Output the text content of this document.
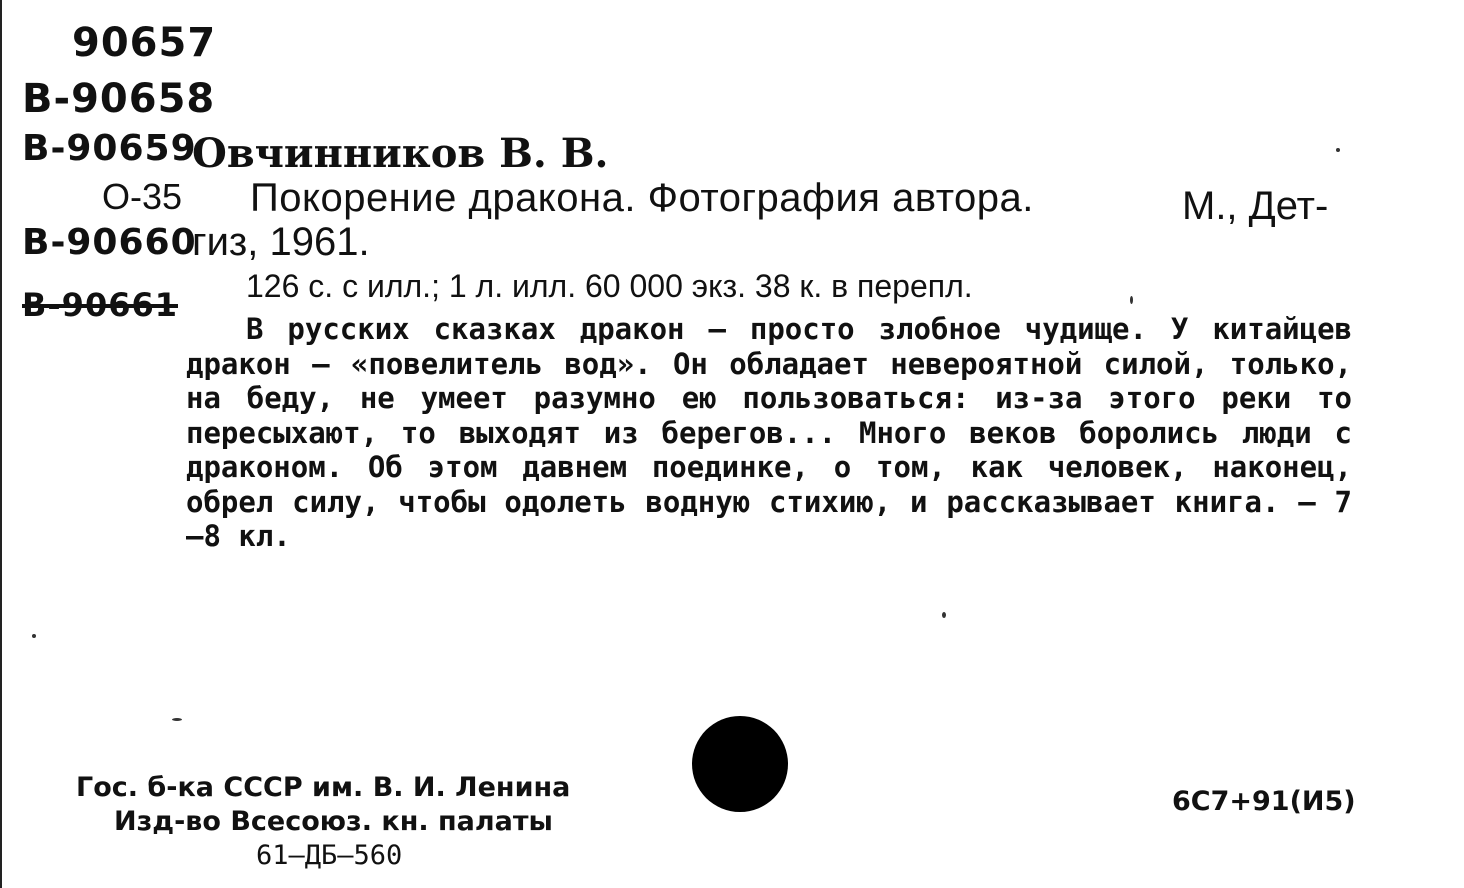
90657
В-90658
В-90659
Овчинников В. В.
О-35 Покорение дракона. Фотография автора.	М., Дет-
В-90660
гиз, 1961.
В-90661 126 с. с илл.; 1 л. илл. 60 000 экз. 38 к. в перепл.
В русских сказках дракон — просто злобное чудище. У китайцев дракон — «повелитель вод». Он обладает невероятной силой, только, на беду, не умеет разумно ею пользоваться: из-за этого реки то пересыхают, то выходят из берегов... Много веков боролись люди с драконом. Об этом давнем поединке, о том, как человек, наконец, обрел силу, чтобы одолеть водную стихию, и рассказывает книга. — 7—8 кл.
Гос. б-ка СССР им. В. И. Ленина
Изд-во Всесоюз. кн. палаты
61—ДБ—560
6С7+91(И5)
